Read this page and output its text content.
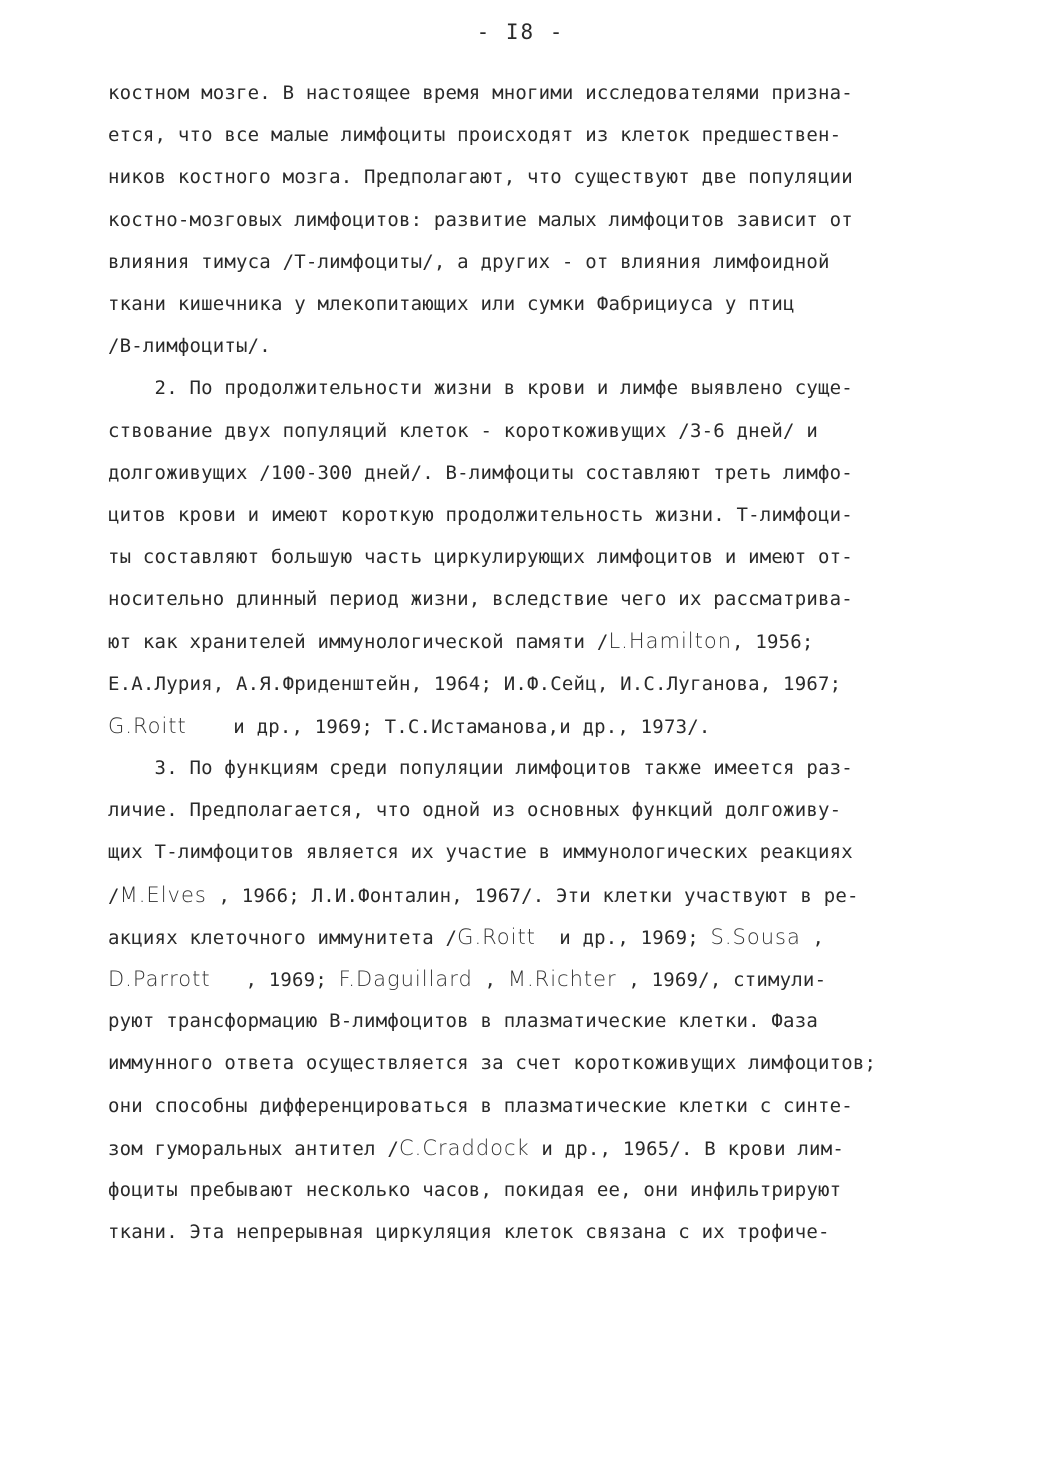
- I8 -
костном мозге. В настоящее время многими исследователями призна-
ется, что все малые лимфоциты происходят из клеток предшествен-
ников костного мозга. Предполагают, что существуют две популяции
костно-мозговых лимфоцитов: развитие малых лимфоцитов зависит от
влияния тимуса /Т-лимфоциты/, а других - от влияния лимфоидной
ткани кишечника у млекопитающих или сумки Фабрициуса у птиц
/В-лимфоциты/.
2. По продолжительности жизни в крови и лимфе выявлено суще-
ствование двух популяций клеток - короткоживущих /3-6 дней/ и
долгоживущих /100-300 дней/. В-лимфоциты составляют треть лимфо-
цитов крови и имеют короткую продолжительность жизни. Т-лимфоци-
ты составляют большую часть циркулирующих лимфоцитов и имеют от-
носительно длинный период жизни, вследствие чего их рассматрива-
ют как хранителей иммунологической памяти /L.Hamilton, 1956;
Е.А.Лурия, А.Я.Фриденштейн, 1964; И.Ф.Сейц, И.С.Луганова, 1967;
G.Roitt    и др., 1969; Т.С.Истаманова,и др., 1973/.
3. По функциям среди популяции лимфоцитов также имеется раз-
личие. Предполагается, что одной из основных функций долгоживу-
щих Т-лимфоцитов является их участие в иммунологических реакциях
/M.Elves , 1966; Л.И.Фонталин, 1967/. Эти клетки участвуют в ре-
акциях клеточного иммунитета /G.Roitt  и др., 1969; S.Sousa ,
D.Parrott   , 1969; F.Daguillard , M.Richter , 1969/, стимули-
руют трансформацию В-лимфоцитов в плазматические клетки. Фаза
иммунного ответа осуществляется за счет короткоживущих лимфоцитов;
они способны дифференцироваться в плазматические клетки с синте-
зом гуморальных антител /C.Craddock и др., 1965/. В крови лим-
фоциты пребывают несколько часов, покидая ее, они инфильтрируют
ткани. Эта непрерывная циркуляция клеток связана с их трофиче-
